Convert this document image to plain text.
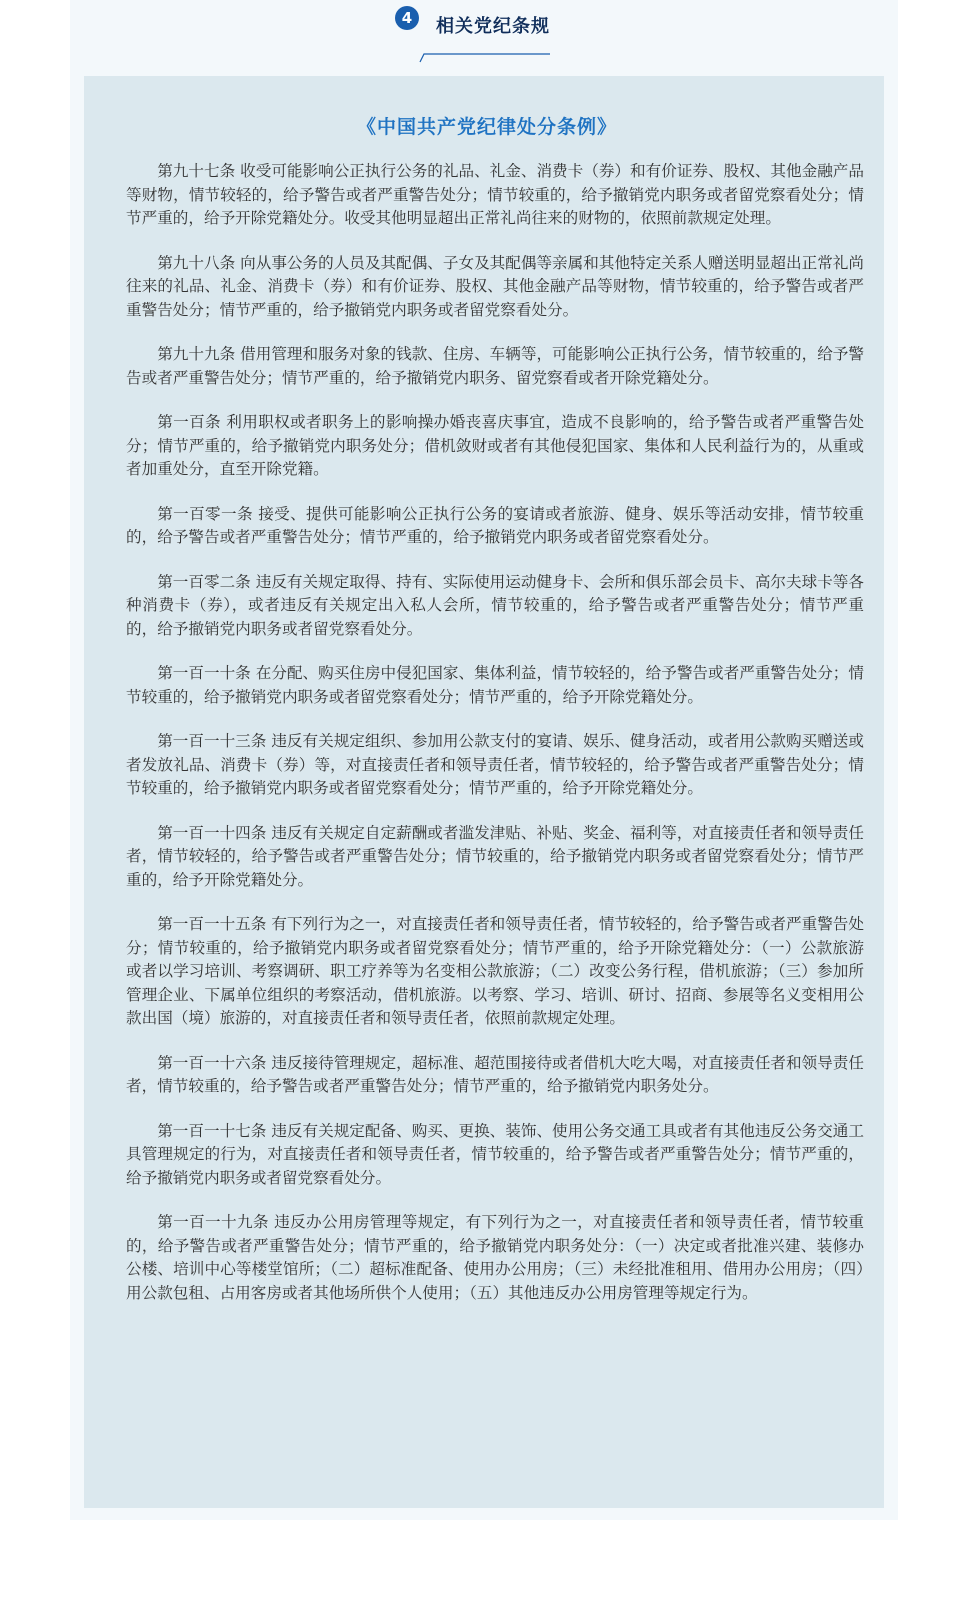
4	相关党纪条规
《中国共产党纪律处分条例》

第九十七条 收受可能影响公正执行公务的礼品、礼金、消费卡（券）和有价证券、股权、其他金融产品等财物，情节较轻的，给予警告或者严重警告处分；情节较重的，给予撤销党内职务或者留党察看处分；情节严重的，给予开除党籍处分。收受其他明显超出正常礼尚往来的财物的，依照前款规定处理。

第九十八条 向从事公务的人员及其配偶、子女及其配偶等亲属和其他特定关系人赠送明显超出正常礼尚往来的礼品、礼金、消费卡（券）和有价证券、股权、其他金融产品等财物，情节较重的，给予警告或者严重警告处分；情节严重的，给予撤销党内职务或者留党察看处分。

第九十九条 借用管理和服务对象的钱款、住房、车辆等，可能影响公正执行公务，情节较重的，给予警告或者严重警告处分；情节严重的，给予撤销党内职务、留党察看或者开除党籍处分。

第一百条 利用职权或者职务上的影响操办婚丧喜庆事宜，造成不良影响的，给予警告或者严重警告处分；情节严重的，给予撤销党内职务处分；借机敛财或者有其他侵犯国家、集体和人民利益行为的，从重或者加重处分，直至开除党籍。

第一百零一条 接受、提供可能影响公正执行公务的宴请或者旅游、健身、娱乐等活动安排，情节较重的，给予警告或者严重警告处分；情节严重的，给予撤销党内职务或者留党察看处分。

第一百零二条 违反有关规定取得、持有、实际使用运动健身卡、会所和俱乐部会员卡、高尔夫球卡等各种消费卡（券），或者违反有关规定出入私人会所，情节较重的，给予警告或者严重警告处分；情节严重的，给予撤销党内职务或者留党察看处分。

第一百一十条 在分配、购买住房中侵犯国家、集体利益，情节较轻的，给予警告或者严重警告处分；情节较重的，给予撤销党内职务或者留党察看处分；情节严重的，给予开除党籍处分。

第一百一十三条 违反有关规定组织、参加用公款支付的宴请、娱乐、健身活动，或者用公款购买赠送或者发放礼品、消费卡（券）等，对直接责任者和领导责任者，情节较轻的，给予警告或者严重警告处分；情节较重的，给予撤销党内职务或者留党察看处分；情节严重的，给予开除党籍处分。

第一百一十四条 违反有关规定自定薪酬或者滥发津贴、补贴、奖金、福利等，对直接责任者和领导责任者，情节较轻的，给予警告或者严重警告处分；情节较重的，给予撤销党内职务或者留党察看处分；情节严重的，给予开除党籍处分。

第一百一十五条 有下列行为之一，对直接责任者和领导责任者，情节较轻的，给予警告或者严重警告处分；情节较重的，给予撤销党内职务或者留党察看处分；情节严重的，给予开除党籍处分：（一）公款旅游或者以学习培训、考察调研、职工疗养等为名变相公款旅游；（二）改变公务行程，借机旅游；（三）参加所管理企业、下属单位组织的考察活动，借机旅游。以考察、学习、培训、研讨、招商、参展等名义变相用公款出国（境）旅游的，对直接责任者和领导责任者，依照前款规定处理。

第一百一十六条 违反接待管理规定，超标准、超范围接待或者借机大吃大喝，对直接责任者和领导责任者，情节较重的，给予警告或者严重警告处分；情节严重的，给予撤销党内职务处分。

第一百一十七条 违反有关规定配备、购买、更换、装饰、使用公务交通工具或者有其他违反公务交通工具管理规定的行为，对直接责任者和领导责任者，情节较重的，给予警告或者严重警告处分；情节严重的，给予撤销党内职务或者留党察看处分。

第一百一十九条 违反办公用房管理等规定，有下列行为之一，对直接责任者和领导责任者，情节较重的，给予警告或者严重警告处分；情节严重的，给予撤销党内职务处分：（一）决定或者批准兴建、装修办公楼、培训中心等楼堂馆所；（二）超标准配备、使用办公用房；（三）未经批准租用、借用办公用房；（四）用公款包租、占用客房或者其他场所供个人使用；（五）其他违反办公用房管理等规定行为。
